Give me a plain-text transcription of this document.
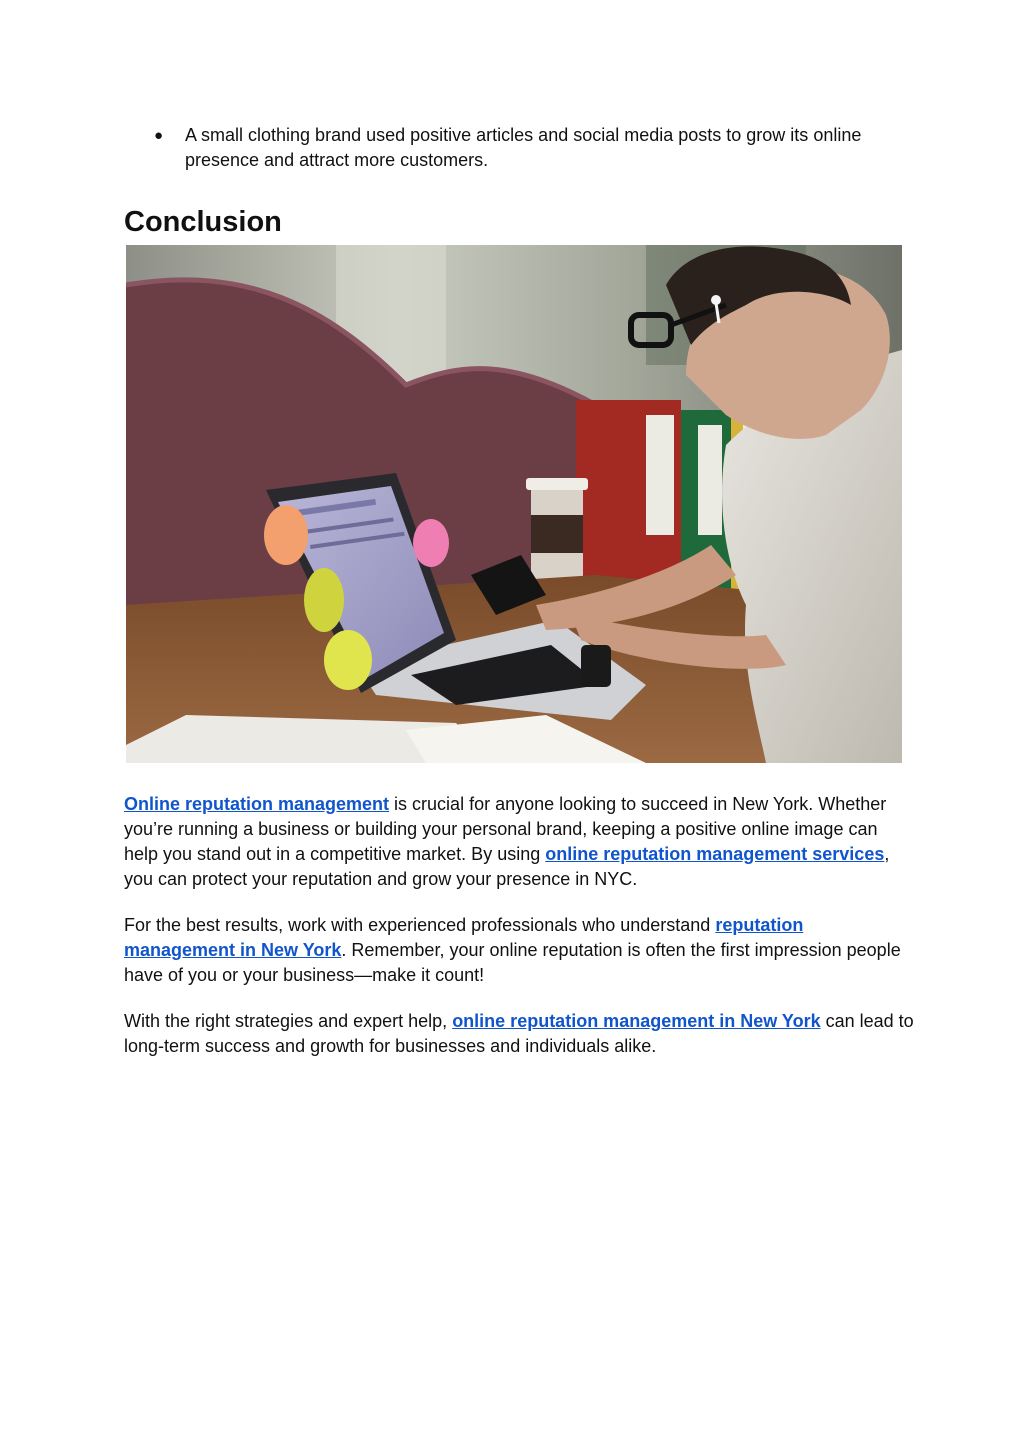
● A small clothing brand used positive articles and social media posts to grow its online presence and attract more customers.
Conclusion

Online reputation management is crucial for anyone looking to succeed in New York. Whether you’re running a business or building your personal brand, keeping a positive online image can help you stand out in a competitive market. By using online reputation management services, you can protect your reputation and grow your presence in NYC.

For the best results, work with experienced professionals who understand reputation management in New York. Remember, your online reputation is often the first impression people have of you or your business—make it count!

With the right strategies and expert help, online reputation management in New York can lead to long-term success and growth for businesses and individuals alike.
